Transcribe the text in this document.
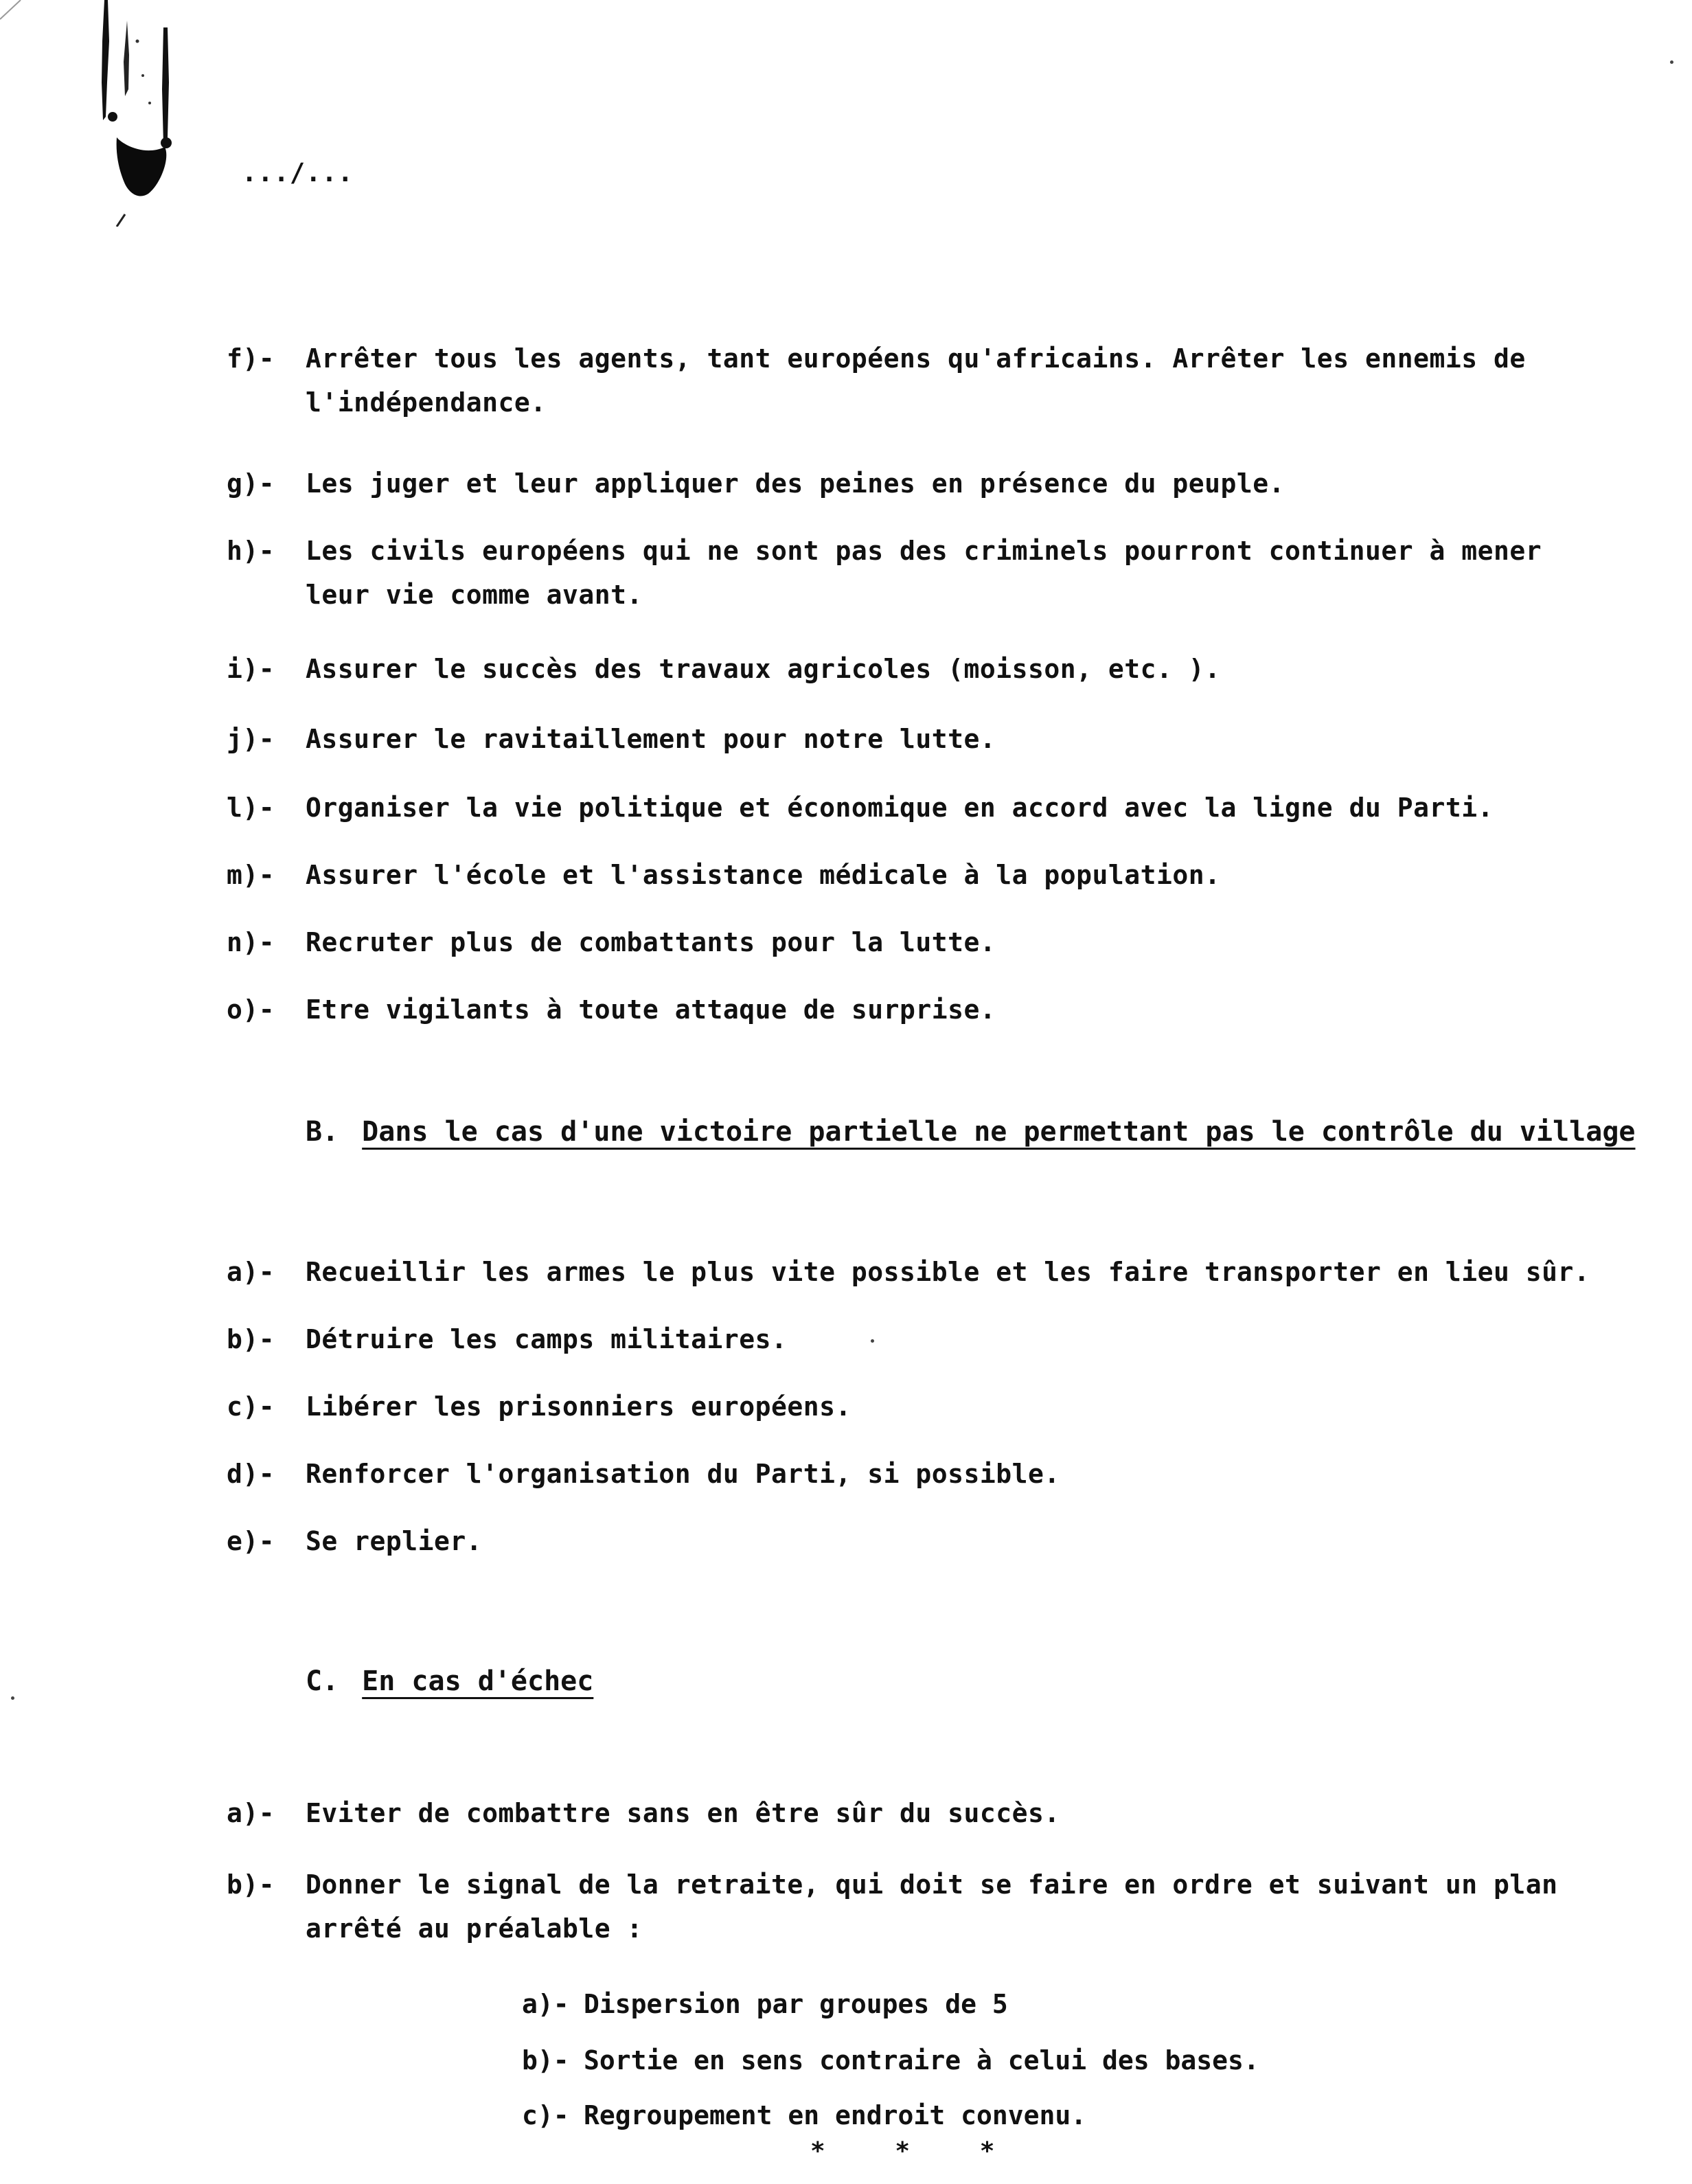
.../...
f)- Arrêter tous les agents, tant européens qu'africains. Arrêter les ennemis de l'indépendance.
g)- Les juger et leur appliquer des peines en présence du peuple.
h)- Les civils européens qui ne sont pas des criminels pourront continuer à mener leur vie comme avant.
i)- Assurer le succès des travaux agricoles (moisson, etc. ).
j)- Assurer le ravitaillement pour notre lutte.
l)- Organiser la vie politique et économique en accord avec la ligne du Parti.
m)- Assurer l'école et l'assistance médicale à la population.
n)- Recruter plus de combattants pour la lutte.
o)- Etre vigilants à toute attaque de surprise.
B. Dans le cas d'une victoire partielle ne permettant pas le contrôle du village
a)- Recueillir les armes le plus vite possible et les faire transporter en lieu sûr.
b)- Détruire les camps militaires.
c)- Libérer les prisonniers européens.
d)- Renforcer l'organisation du Parti, si possible.
e)- Se replier.
C. En cas d'échec
a)- Eviter de combattre sans en être sûr du succès.
b)- Donner le signal de la retraite, qui doit se faire en ordre et suivant un plan arrêté au préalable :
a)- Dispersion par groupes de 5
b)- Sortie en sens contraire à celui des bases.
c)- Regroupement en endroit convenu.
* * *
